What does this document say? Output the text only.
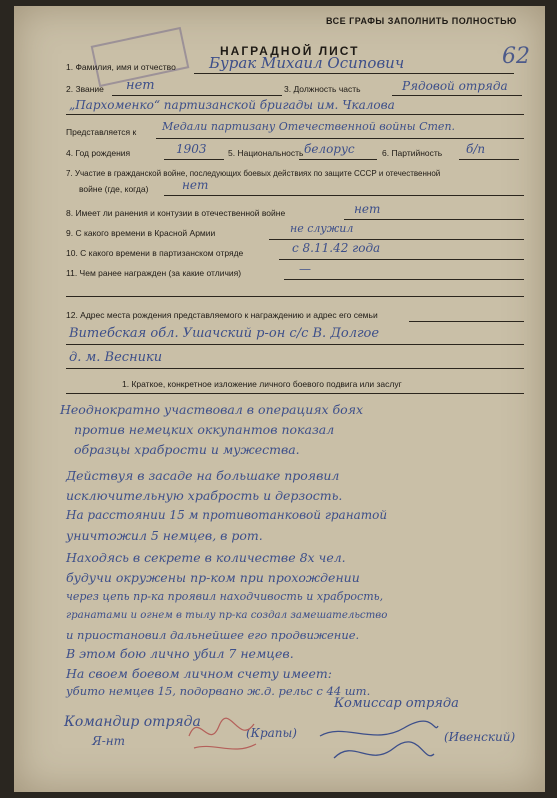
ВСЕ ГРАФЫ ЗАПОЛНИТЬ ПОЛНОСТЬЮ
62
НАГРАДНОЙ ЛИСТ
1. Фамилия, имя и отчество Бурак Михаил Осипович
2. Звание нет	3. Должность часть	Рядовой отряда
„Пархоменко“ партизанской бригады им. Чкалова
Представляется к Медали партизану Отечественной войны Степ.
4. Год рождения	1903	5. Национальность белорус	6. Партийность б/п
7. Участие в гражданской войне, последующих боевых действиях по защите СССР и отечественной
войне (где, когда)	нет
8. Имеет ли ранения и контузии в отечественной войне	нет
9. С какого времени в Красной Армии	не служил
10. С какого времени в партизанском отряде	с 8.11.42 года
11. Чем ранее награжден (за какие отличия)	—
12. Адрес места рождения представляемого к награждению и адрес его семьи
Витебская обл. Ушачский р-он с/с В. Долгое
д. м. Весники
1. Краткое, конкретное изложение личного боевого подвига или заслуг
Неоднократно участвовал в операциях боях
против немецких оккупантов показал
образцы храбрости и мужества.
Действуя в засаде на большаке проявил
исключительную храбрость и дерзость.
На расстоянии 15 м противотанковой гранатой
уничтожил 5 немцев, в рот.
Находясь в секрете в количестве 8х чел.
будучи окружены пр-ком при прохождении
через цепь пр-ка проявил находчивость и храбрость,
гранатами и огнем в тылу пр-ка создал замешательство
и приостановил дальнейшее его продвижение.
В этом бою лично убил 7 немцев.
На своем боевом личном счету имеет:
убито немцев 15, подорвано ж.д. рельс с 44 шт.
Командир отряда
Я-нт
(Крапы)
Комиссар отряда
(Ивенский)
